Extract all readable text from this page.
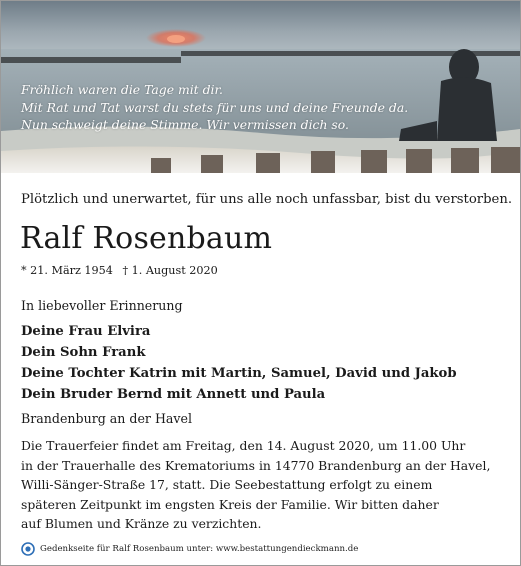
Fröhlich waren die Tage mit dir.
Mit Rat und Tat warst du stets für uns und deine Freunde da.
Nun schweigt deine Stimme. Wir vermissen dich so.
Plötzlich und unerwartet, für uns alle noch unfassbar, bist du verstorben.
Ralf Rosenbaum
* 21. März 1954 † 1. August 2020
In liebevoller Erinnerung
Deine Frau Elvira
Dein Sohn Frank
Deine Tochter Katrin mit Martin, Samuel, David und Jakob
Dein Bruder Bernd mit Annett und Paula
Brandenburg an der Havel
Die Trauerfeier findet am Freitag, den 14. August 2020, um 11.00 Uhr
in der Trauerhalle des Krematoriums in 14770 Brandenburg an der Havel,
Willi-Sänger-Straße 17, statt. Die Seebestattung erfolgt zu einem
späteren Zeitpunkt im engsten Kreis der Familie. Wir bitten daher
auf Blumen und Kränze zu verzichten.
Gedenkseite für Ralf Rosenbaum unter: www.bestattungendieckmann.de
